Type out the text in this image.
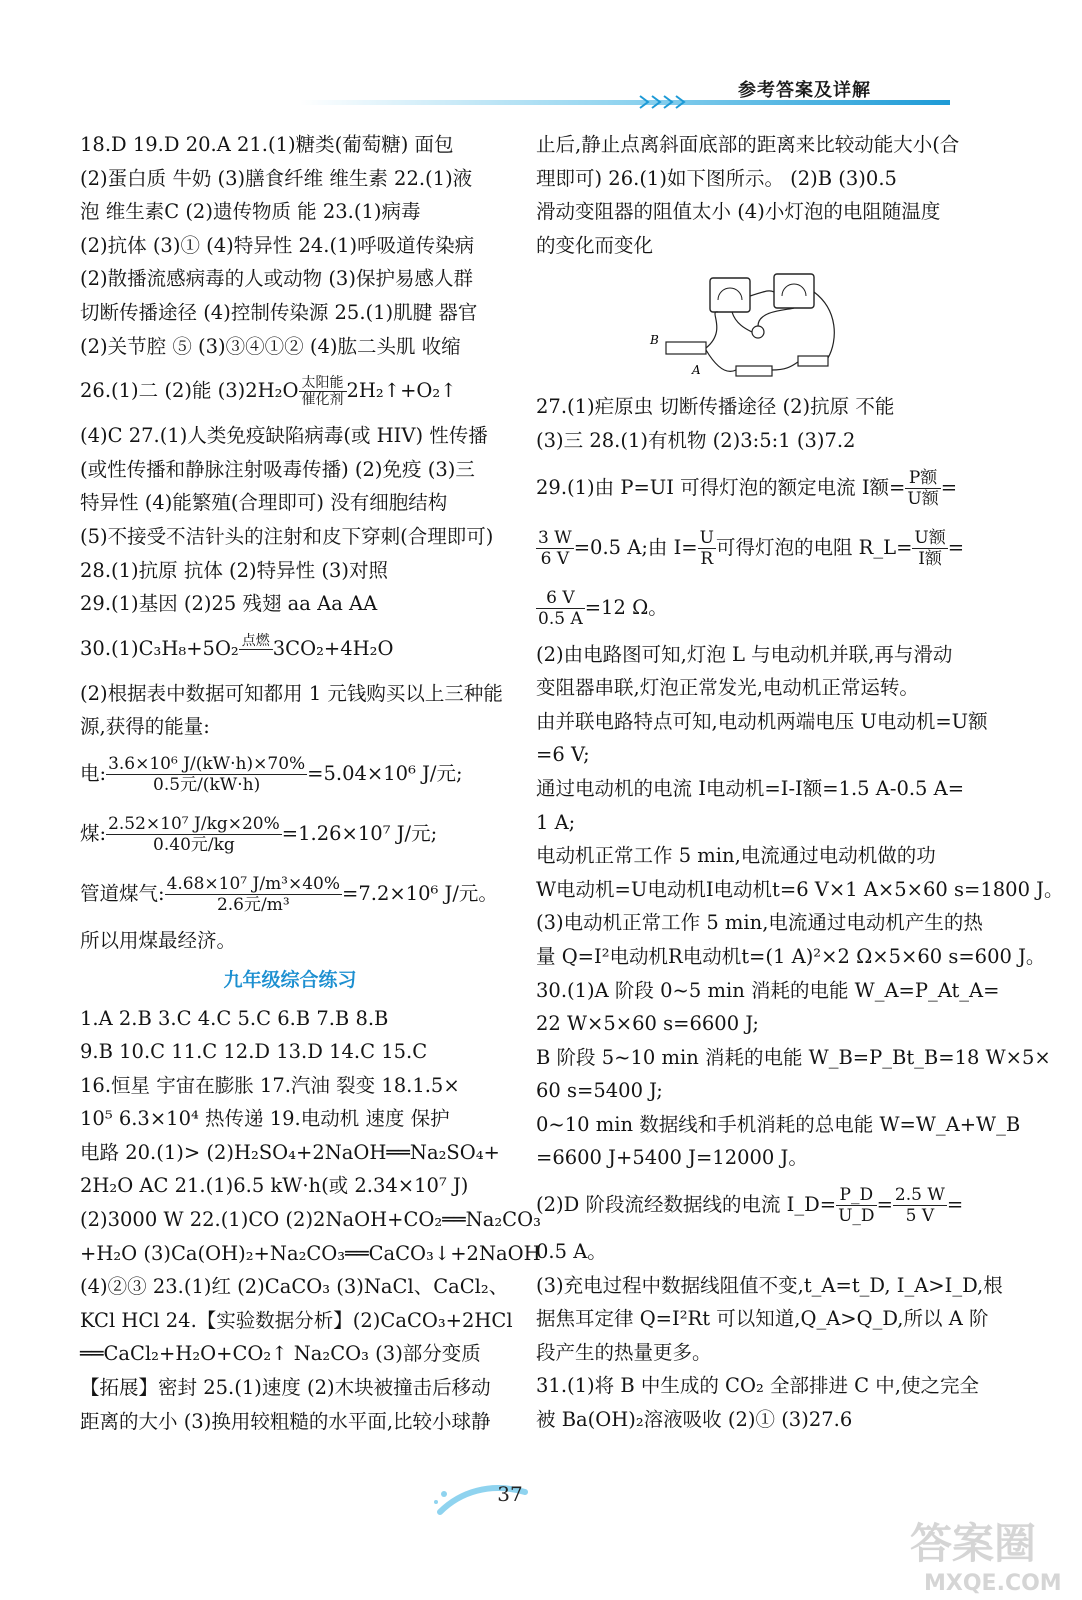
参考答案及详解
18.D 19.D 20.A 21.(1)糖类(葡萄糖) 面包
(2)蛋白质 牛奶 (3)膳食纤维 维生素 22.(1)液
泡 维生素C (2)遗传物质 能 23.(1)病毒
(2)抗体 (3)① (4)特异性 24.(1)呼吸道传染病
(2)散播流感病毒的人或动物 (3)保护易感人群
切断传播途径 (4)控制传染源 25.(1)肌腱 器官
(2)关节腔 ⑤ (3)③④①② (4)肱二头肌 收缩
26.(1)二 (2)能 (3)2H₂O 太阳能
催化剂 2H₂↑+O₂↑
(4)C 27.(1)人类免疫缺陷病毒(或 HIV) 性传播
(或性传播和静脉注射吸毒传播) (2)免疫 (3)三
特异性 (4)能繁殖(合理即可) 没有细胞结构
(5)不接受不洁针头的注射和皮下穿刺(合理即可)
28.(1)抗原 抗体 (2)特异性 (3)对照
29.(1)基因 (2)25 残翅 aa Aa AA
30.(1)C₃H₈+5O₂ 点燃
3CO₂+4H₂O
(2)根据表中数据可知都用 1 元钱购买以上三种能
源,获得的能量:
电: $\frac{\text{3.6×10⁶ J/(kW·h)×70\%}}{\text{0.5元/(kW·h)}} =5.04\times 10^6$ J/元;
煤: $\frac{\text{2.52×10⁷ J/kg×20\%}}{\text{0.40元/kg}} =1.26\times 10^7$ J/元;
管道煤气: $\frac{\text{4.68×10⁷ J/m³×40\%}}{\text{2.6元/m³}} =7.2\times 10^6$ J/元。
所以用煤最经济。
九年级综合练习
1.A 2.B 3.C 4.C 5.C 6.B 7.B 8.B
9.B 10.C 11.C 12.D 13.D 14.C 15.C
16.恒星 宇宙在膨胀 17.汽油 裂变 18.1.5×
10⁵ 6.3×10⁴ 热传递 19.电动机 速度 保护
电路 20.(1)> (2)H₂SO₄+2NaOH══Na₂SO₄+
2H₂O AC 21.(1)6.5 kW·h(或 2.34×10⁷ J)
(2)3000 W 22.(1)CO (2)2NaOH+CO₂══Na₂CO₃
+H₂O (3)Ca(OH)₂+Na₂CO₃══CaCO₃↓+2NaOH
(4)②③ 23.(1)红 (2)CaCO₃ (3)NaCl、CaCl₂、
KCl HCl 24.【实验数据分析】(2)CaCO₃+2HCl
══CaCl₂+H₂O+CO₂↑ Na₂CO₃ (3)部分变质
【拓展】密封 25.(1)速度 (2)木块被撞击后移动
距离的大小 (3)换用较粗糙的水平面,比较小球静
止后,静止点离斜面底部的距离来比较动能大小(合
理即可) 26.(1)如下图所示。 (2)B (3)0.5
滑动变阻器的阻值太小 (4)小灯泡的电阻随温度
的变化而变化
27.(1)疟原虫 切断传播途径 (2)抗原 不能
(3)三 28.(1)有机物 (2)3:5:1 (3)7.2
29.(1)由 P=UI 可得灯泡的额定电流 I额= $\frac{\text{P额}}{\text{U额}}$ =
$\frac{3 W}{6 V} =0.5$ A;由 $I= \frac{U}{R}$ 可得灯泡的电阻 R_L= $\frac{\text{U额}}{\text{I额}}$ =
$\frac{6 V}{0.5 A} =12$ Ω。
(2)由电路图可知,灯泡 L 与电动机并联,再与滑动
变阻器串联,灯泡正常发光,电动机正常运转。
由并联电路特点可知,电动机两端电压 U电动机=U额
=6 V;
通过电动机的电流 I电动机=I-I额=1.5 A-0.5 A=
1 A;
电动机正常工作 5 min,电流通过电动机做的功
W电动机=U电动机I电动机t=6 V×1 A×5×60 s=1800 J。
(3)电动机正常工作 5 min,电流通过电动机产生的热
量 Q=I²电动机R电动机t=(1 A)²×2 Ω×5×60 s=600 J。
30.(1)A 阶段 0~5 min 消耗的电能 W_A=P_At_A=
22 W×5×60 s=6600 J;
B 阶段 5~10 min 消耗的电能 W_B=P_Bt_B=18 W×5×
60 s=5400 J;
0~10 min 数据线和手机消耗的总电能 W=W_A+W_B
=6600 J+5400 J=12000 J。
(2)D 阶段流经数据线的电流 I_D= $\frac{P\_D}{U\_D} = \frac{2.5 W}{5 V}$ =
0.5 A。
(3)充电过程中数据线阻值不变,t_A=t_D, I_A>I_D,根
据焦耳定律 Q=I²Rt 可以知道,Q_A>Q_D,所以 A 阶
段产生的热量更多。
31.(1)将 B 中生成的 CO₂ 全部排进 C 中,使之完全
被 Ba(OH)₂溶液吸收 (2)① (3)27.6
B
A
37
答案圈
MXQE.COM
